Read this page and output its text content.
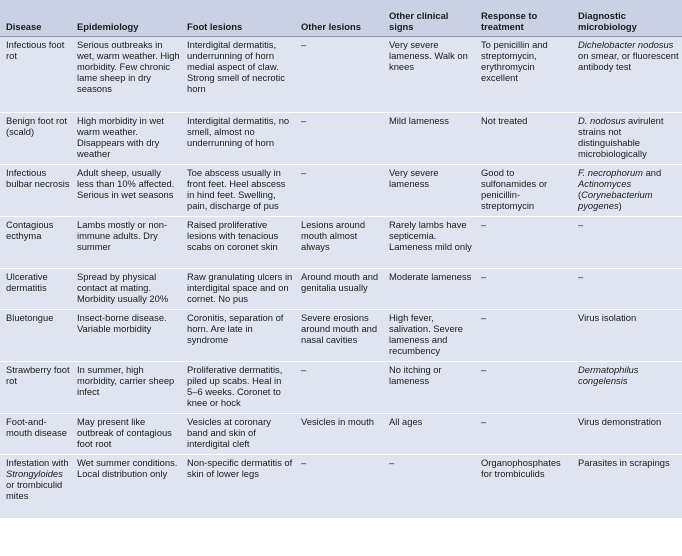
Disease	Epidemiology	Foot lesions	Other lesions	Other clinical signs	Response to treatment	Diagnostic microbiology
Infectious foot rot	Serious outbreaks in wet, warm weather. High morbidity. Few chronic lame sheep in dry seasons	Interdigital dermatitis, underrunning of horn medial aspect of claw. Strong smell of necrotic horn	–	Very severe lameness. Walk on knees	To penicillin and streptomycin, erythromycin excellent	Dichelobacter nodosus on smear, or fluorescent antibody test
Benign foot rot (scald)	High morbidity in wet warm weather. Disappears with dry weather	Interdigital dermatitis, no smell, almost no underrunning of horn	–	Mild lameness	Not treated	D. nodosus avirulent strains not distinguishable microbiologically
Infectious bulbar necrosis	Adult sheep, usually less than 10% affected. Serious in wet seasons	Toe abscess usually in front feet. Heel abscess in hind feet. Swelling, pain, discharge of pus	–	Very severe lameness	Good to sulfonamides or penicillin-streptomycin	F. necrophorum and Actinomyces (Corynebacterium pyogenes)
Contagious ecthyma	Lambs mostly or non-immune adults. Dry summer	Raised proliferative lesions with tenacious scabs on coronet skin	Lesions around mouth almost always	Rarely lambs have septicemia. Lameness mild only	–	–
Ulcerative dermatitis	Spread by physical contact at mating. Morbidity usually 20%	Raw granulating ulcers in interdigital space and on cornet. No pus	Around mouth and genitalia usually	Moderate lameness	–	–
Bluetongue	Insect-borne disease. Variable morbidity	Coronitis, separation of horn. Are late in syndrome	Severe erosions around mouth and nasal cavities	High fever, salivation. Severe lameness and recumbency	–	Virus isolation
Strawberry foot rot	In summer, high morbidity, carrier sheep infect	Proliferative dermatitis, piled up scabs. Heal in 5–6 weeks. Coronet to knee or hock	–	No itching or lameness	–	Dermatophilus congelensis
Foot-and-mouth disease	May present like outbreak of contagious foot root	Vesicles at coronary band and skin of interdigital cleft	Vesicles in mouth	All ages	–	Virus demonstration
Infestation with Strongyloides or trombiculid mites	Wet summer conditions. Local distribution only	Non-specific dermatitis of skin of lower legs	–	–	Organophosphates for trombiculids	Parasites in scrapings
